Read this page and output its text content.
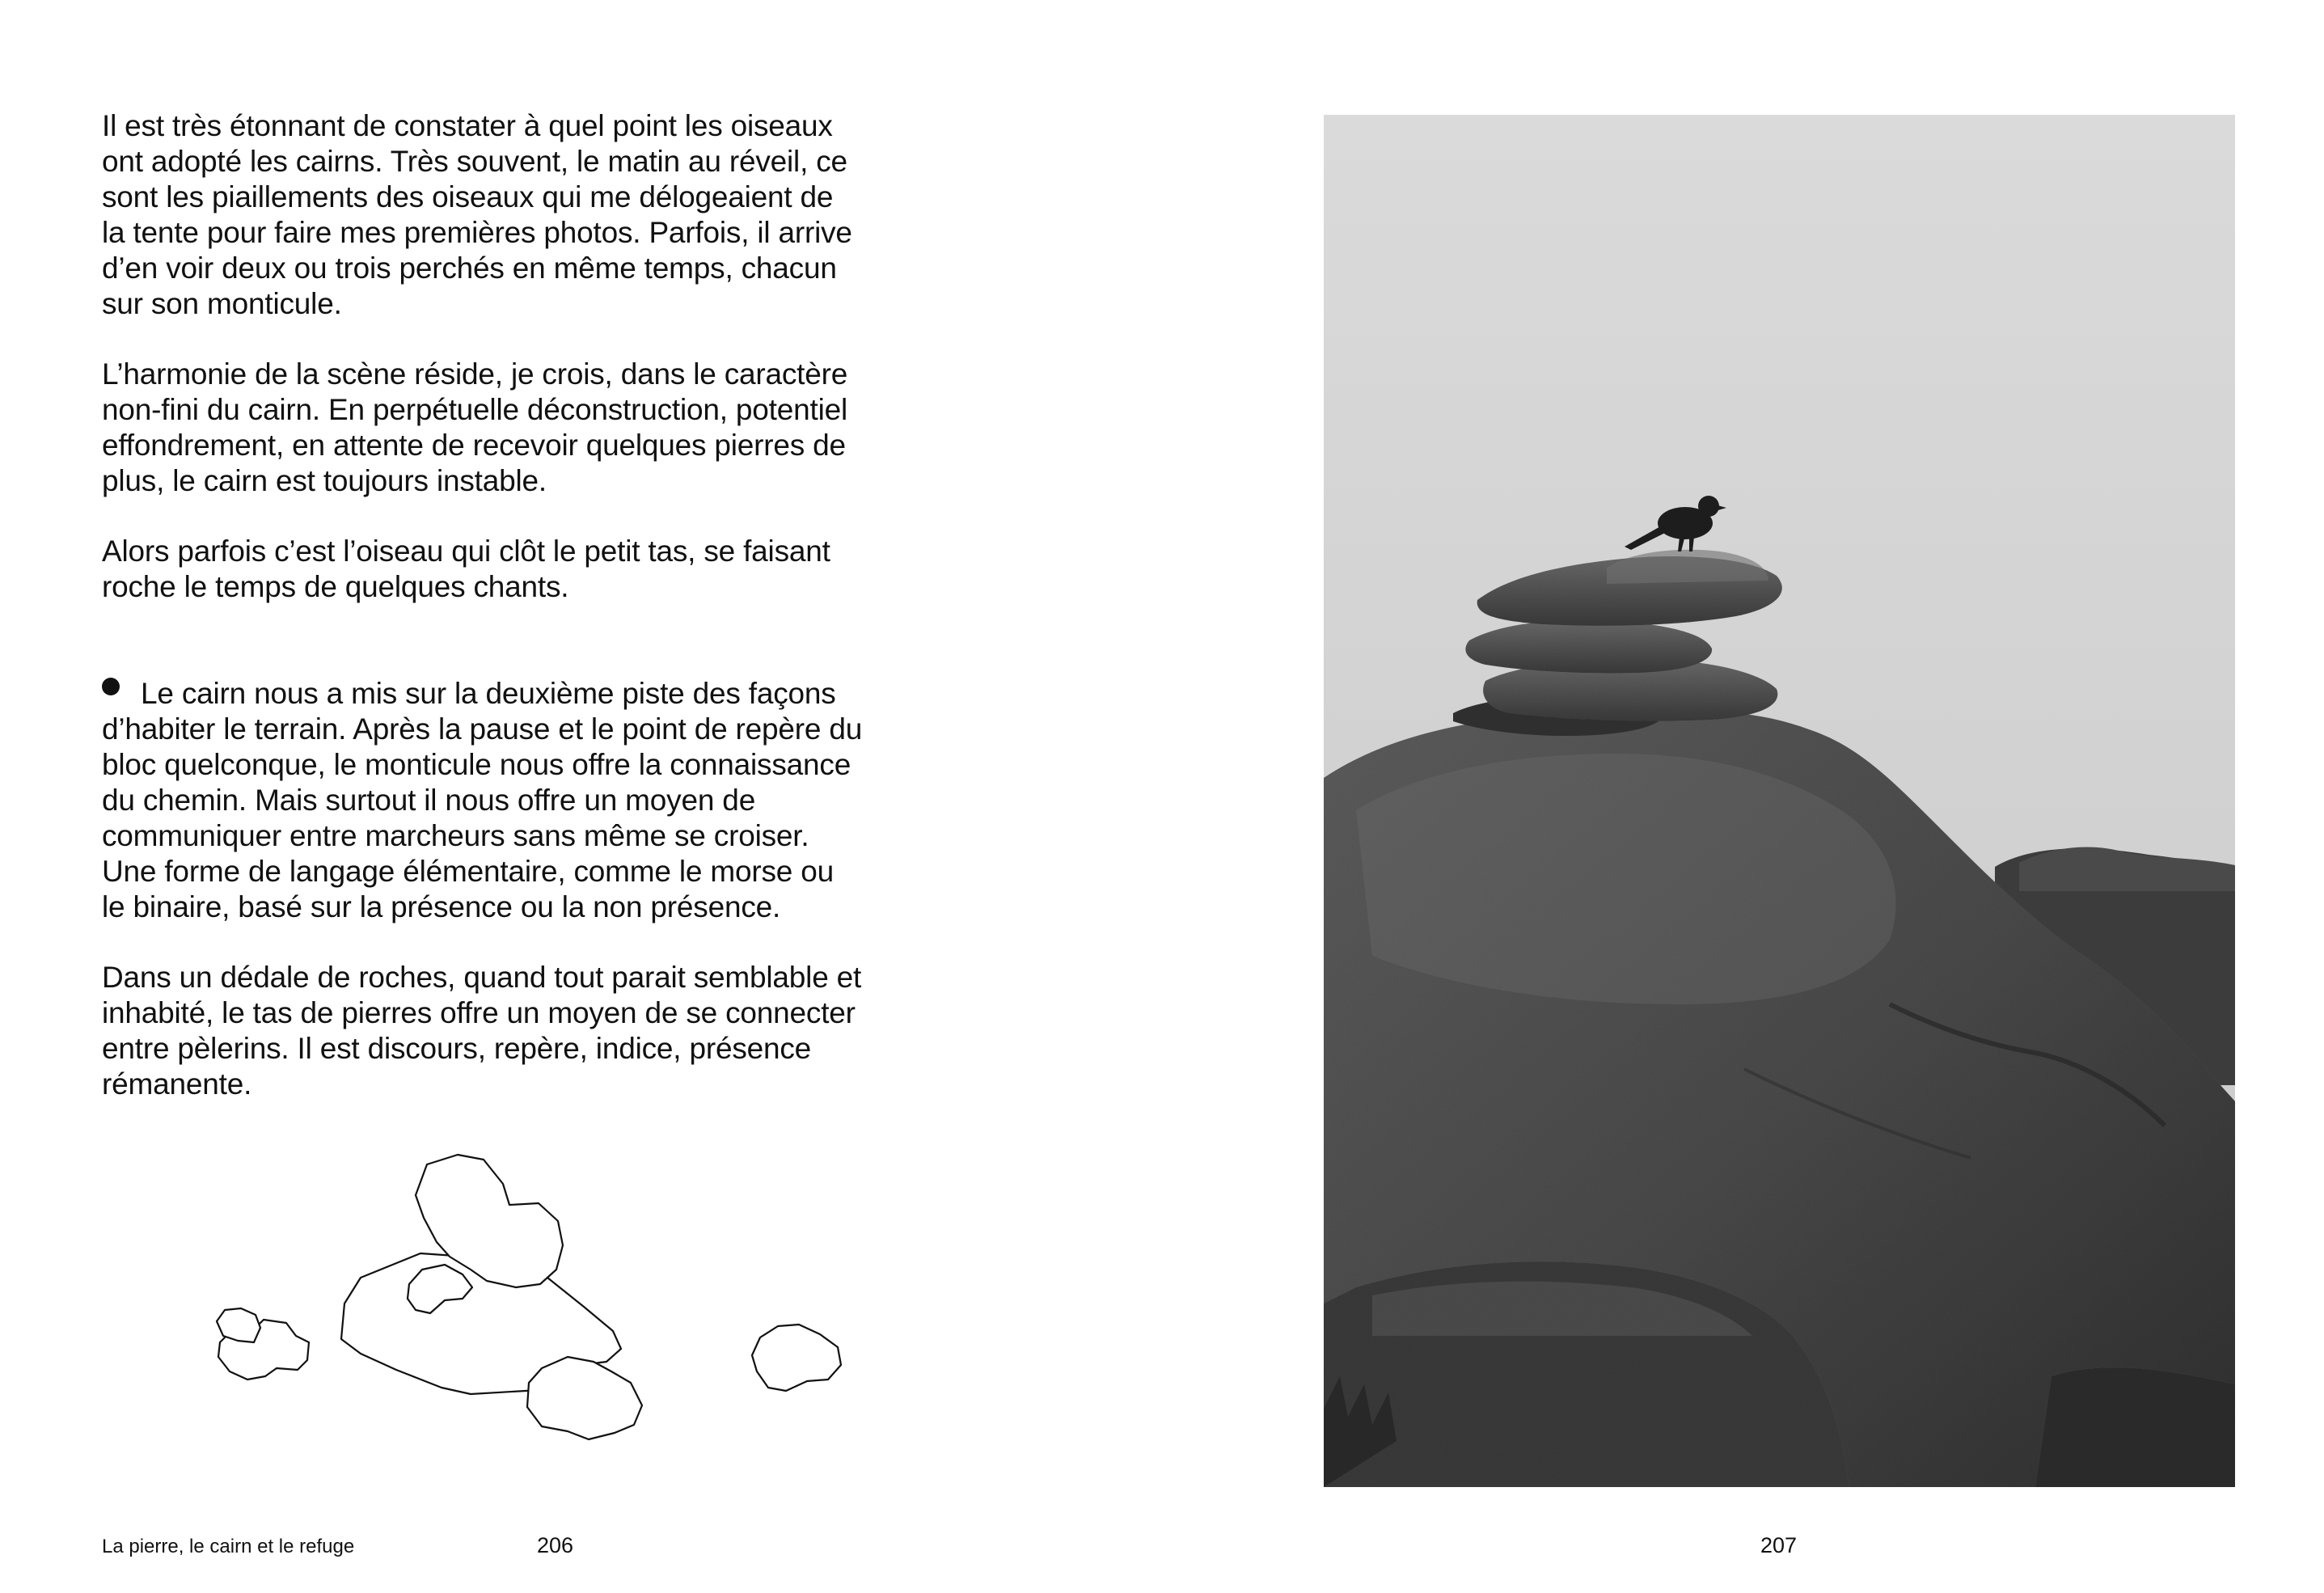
Il est très étonnant de constater à quel point les oiseaux
ont adopté les cairns. Très souvent, le matin au réveil, ce
sont les piaillements des oiseaux qui me délogeaient de
la tente pour faire mes premières photos. Parfois, il arrive
d’en voir deux ou trois perchés en même temps, chacun
sur son monticule.

L’harmonie de la scène réside, je crois, dans le caractère
non-fini du cairn. En perpétuelle déconstruction, potentiel
effondrement, en attente de recevoir quelques pierres de
plus, le cairn est toujours instable.

Alors parfois c’est l’oiseau qui clôt le petit tas, se faisant
roche le temps de quelques chants.

Le cairn nous a mis sur la deuxième piste des façons
d’habiter le terrain. Après la pause et le point de repère du
bloc quelconque, le monticule nous offre la connaissance
du chemin. Mais surtout il nous offre un moyen de
communiquer entre marcheurs sans même se croiser.
Une forme de langage élémentaire, comme le morse ou
le binaire, basé sur la présence ou la non présence.

Dans un dédale de roches, quand tout parait semblable et
inhabité, le tas de pierres offre un moyen de se connecter
entre pèlerins. Il est discours, repère, indice, présence
rémanente.

La pierre, le cairn et le refuge	206	207
